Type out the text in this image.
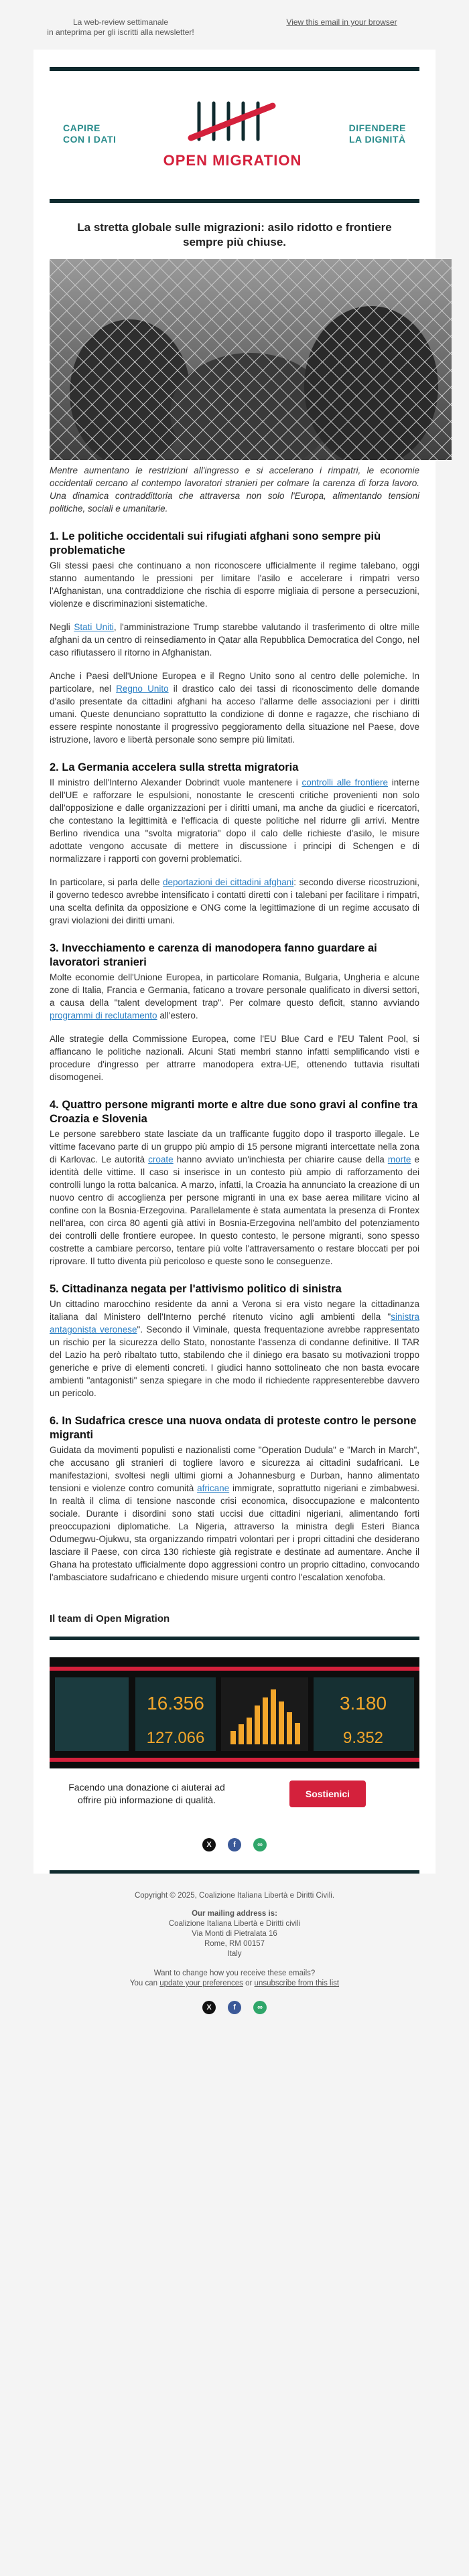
La web-review settimanale
in anteprima per gli iscritti alla newsletter!
View this email in your browser
CAPIRE
CON I DATI
OPEN MIGRATION
DIFENDERE
LA DIGNITÀ
La stretta globale sulle migrazioni: asilo ridotto e frontiere sempre più chiuse.
Mentre aumentano le restrizioni all'ingresso e si accelerano i rimpatri, le economie occidentali cercano al contempo lavoratori stranieri per colmare la carenza di forza lavoro. Una dinamica contraddittoria che attraversa non solo l'Europa, alimentando tensioni politiche, sociali e umanitarie.
1. Le politiche occidentali sui rifugiati afghani sono sempre più problematiche

Gli stessi paesi che continuano a non riconoscere ufficialmente il regime talebano, oggi stanno aumentando le pressioni per limitare l'asilo e accelerare i rimpatri verso l'Afghanistan, una contraddizione che rischia di esporre migliaia di persone a persecuzioni, violenze e discriminazioni sistematiche.

Negli Stati Uniti, l'amministrazione Trump starebbe valutando il trasferimento di oltre mille afghani da un centro di reinsediamento in Qatar alla Repubblica Democratica del Congo, nel caso rifiutassero il ritorno in Afghanistan.

Anche i Paesi dell'Unione Europea e il Regno Unito sono al centro delle polemiche. In particolare, nel Regno Unito il drastico calo dei tassi di riconoscimento delle domande d'asilo presentate da cittadini afghani ha acceso l'allarme delle associazioni per i diritti umani. Queste denunciano soprattutto la condizione di donne e ragazze, che rischiano di essere respinte nonostante il progressivo peggioramento della situazione nel Paese, dove istruzione, lavoro e libertà personale sono sempre più limitati.

2. La Germania accelera sulla stretta migratoria

Il ministro dell'Interno Alexander Dobrindt vuole mantenere i controlli alle frontiere interne dell'UE e rafforzare le espulsioni, nonostante le crescenti critiche provenienti non solo dall'opposizione e dalle organizzazioni per i diritti umani, ma anche da giudici e ricercatori, che contestano la legittimità e l'efficacia di queste politiche nel ridurre gli arrivi. Mentre Berlino rivendica una "svolta migratoria" dopo il calo delle richieste d'asilo, le misure adottate vengono accusate di mettere in discussione i principi di Schengen e di normalizzare i rapporti con governi problematici.

In particolare, si parla delle deportazioni dei cittadini afghani: secondo diverse ricostruzioni, il governo tedesco avrebbe intensificato i contatti diretti con i talebani per facilitare i rimpatri, una scelta definita da opposizione e ONG come la legittimazione di un regime accusato di gravi violazioni dei diritti umani.

3. Invecchiamento e carenza di manodopera fanno guardare ai lavoratori stranieri

Molte economie dell'Unione Europea, in particolare Romania, Bulgaria, Ungheria e alcune zone di Italia, Francia e Germania, faticano a trovare personale qualificato in diversi settori, a causa della "talent development trap". Per colmare questo deficit, stanno avviando programmi di reclutamento all'estero.

Alle strategie della Commissione Europea, come l'EU Blue Card e l'EU Talent Pool, si affiancano le politiche nazionali. Alcuni Stati membri stanno infatti semplificando visti e procedure d'ingresso per attrarre manodopera extra-UE, ottenendo tuttavia risultati disomogenei.

4. Quattro persone migranti morte e altre due sono gravi al confine tra Croazia e Slovenia

Le persone sarebbero state lasciate da un trafficante fuggito dopo il trasporto illegale. Le vittime facevano parte di un gruppo più ampio di 15 persone migranti intercettate nella zona di Karlovac. Le autorità croate hanno avviato un'inchiesta per chiarire cause della morte e identità delle vittime. Il caso si inserisce in un contesto più ampio di rafforzamento dei controlli lungo la rotta balcanica. A marzo, infatti, la Croazia ha annunciato la creazione di un nuovo centro di accoglienza per persone migranti in una ex base aerea militare vicino al confine con la Bosnia-Erzegovina. Parallelamente è stata aumentata la presenza di Frontex nell'area, con circa 80 agenti già attivi in Bosnia-Erzegovina nell'ambito del potenziamento dei controlli delle frontiere europee. In questo contesto, le persone migranti, sono spesso costrette a cambiare percorso, tentare più volte l'attraversamento o restare bloccati per poi riprovare. Il tutto diventa più pericoloso e queste sono le conseguenze.

5. Cittadinanza negata per l'attivismo politico di sinistra

Un cittadino marocchino residente da anni a Verona si era visto negare la cittadinanza italiana dal Ministero dell'Interno perché ritenuto vicino agli ambienti della "sinistra antagonista veronese". Secondo il Viminale, questa frequentazione avrebbe rappresentato un rischio per la sicurezza dello Stato, nonostante l'assenza di condanne definitive. Il TAR del Lazio ha però ribaltato tutto, stabilendo che il diniego era basato su motivazioni troppo generiche e prive di elementi concreti. I giudici hanno sottolineato che non basta evocare ambienti "antagonisti" senza spiegare in che modo il richiedente rappresenterebbe davvero un pericolo.

6. In Sudafrica cresce una nuova ondata di proteste contro le persone migranti

Guidata da movimenti populisti e nazionalisti come "Operation Dudula" e "March in March", che accusano gli stranieri di togliere lavoro e sicurezza ai cittadini sudafricani. Le manifestazioni, svoltesi negli ultimi giorni a Johannesburg e Durban, hanno alimentato tensioni e violenze contro comunità africane immigrate, soprattutto nigeriani e zimbabwesi. In realtà il clima di tensione nasconde crisi economica, disoccupazione e malcontento sociale. Durante i disordini sono stati uccisi due cittadini nigeriani, alimentando forti preoccupazioni diplomatiche. La Nigeria, attraverso la ministra degli Esteri Bianca Odumegwu-Ojukwu, sta organizzando rimpatri volontari per i propri cittadini che desiderano lasciare il Paese, con circa 130 richieste già registrate e destinate ad aumentare. Anche il Ghana ha protestato ufficialmente dopo aggressioni contro un proprio cittadino, convocando l'ambasciatore sudafricano e chiedendo misure urgenti contro l'escalation xenofoba.

Il team di Open Migration
16.356
127.066
3.180
9.352
Facendo una donazione ci aiuterai ad offrire più informazione di qualità.
Sostienici
X	f	∞
Copyright © 2025, Coalizione Italiana Libertà e Diritti Civili.
Our mailing address is:
Coalizione Italiana Libertà e Diritti civili
Via Monti di Pietralata 16
Rome, RM 00157
Italy
Want to change how you receive these emails?
You can update your preferences or unsubscribe from this list
X	f	∞
